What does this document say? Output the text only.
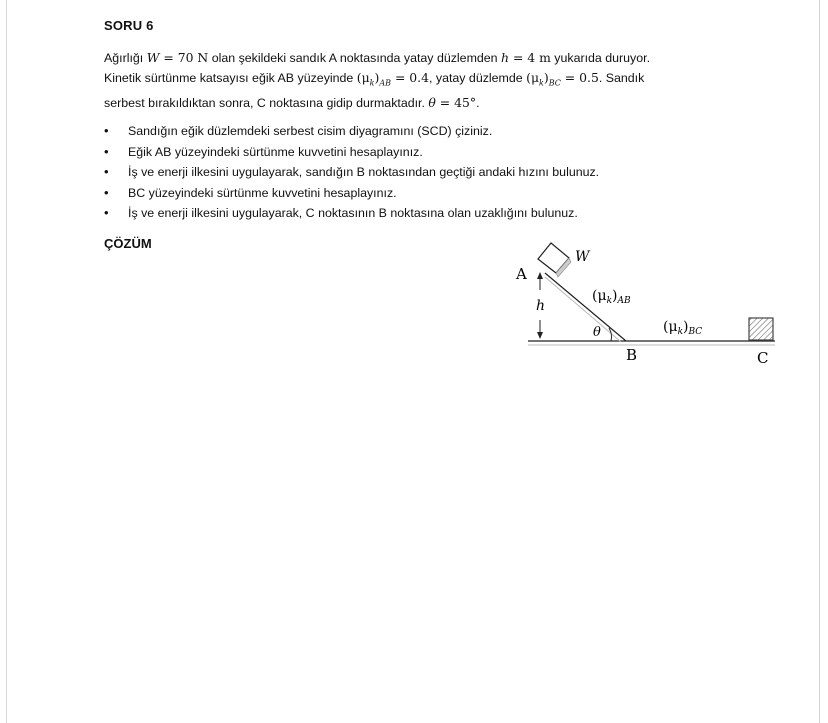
SORU 6

Ağırlığı W = 70 N olan şekildeki sandık A noktasında yatay düzlemden h = 4 m yukarıda duruyor.

Kinetik sürtünme katsayısı eğik AB yüzeyinde $(\mu_k)_{AB} = 0.4$, yatay düzlemde $(\mu_k)_{BC} = 0.5$. Sandık

serbest bırakıldıktan sonra, C noktasına gidip durmaktadır. θ = 45°.

• Sandığın eğik düzlemdeki serbest cisim diyagramını (SCD) çiziniz.
• Eğik AB yüzeyindeki sürtünme kuvvetini hesaplayınız.
• İş ve enerji ilkesini uygulayarak, sandığın B noktasından geçtiği andaki hızını bulunuz.
• BC yüzeyindeki sürtünme kuvvetini hesaplayınız.
• İş ve enerji ilkesini uygulayarak, C noktasının B noktasına olan uzaklığını bulunuz.
ÇÖZÜM
A
B	C
W
h
θ
$(\mu_k)_{AB}$
$(\mu_k)_{BC}$
